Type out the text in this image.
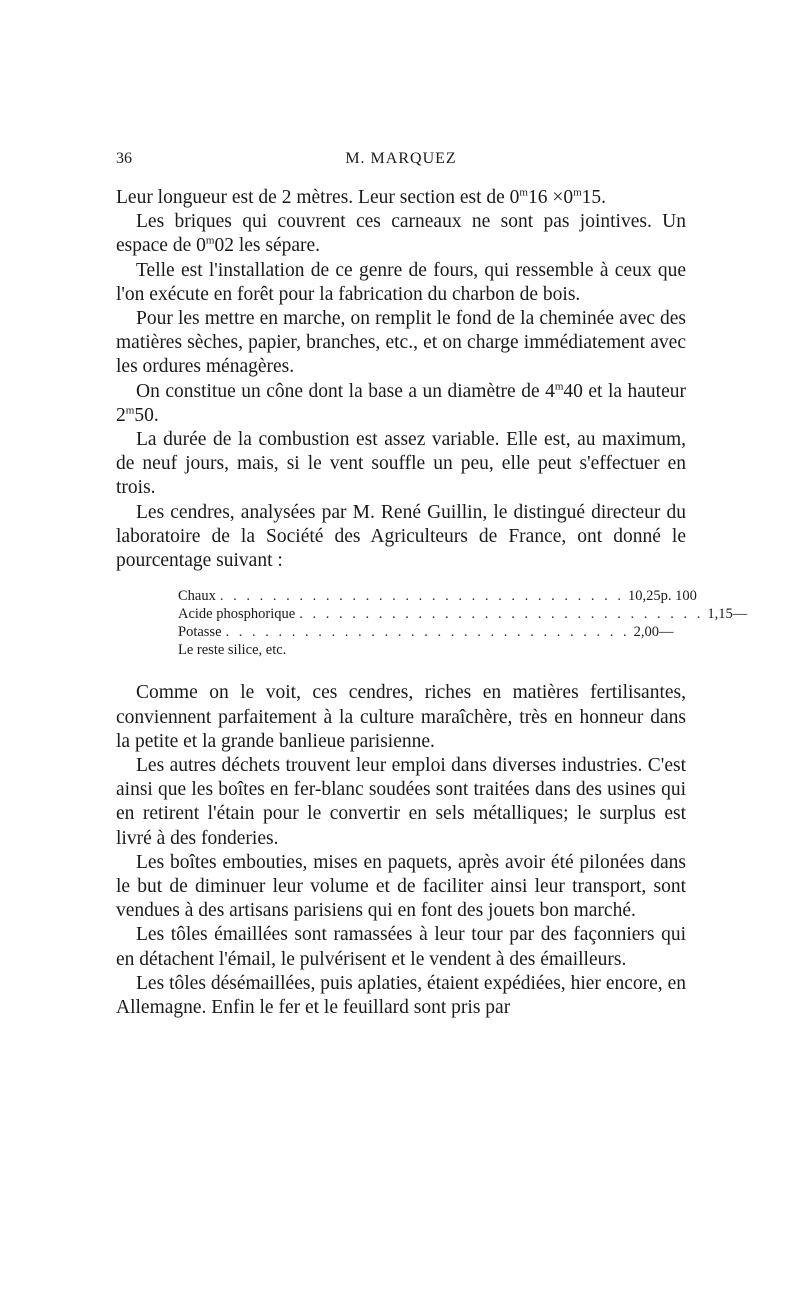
36	M. MARQUEZ

Leur longueur est de 2 mètres. Leur section est de $0^m16 \times 0^m15$.

Les briques qui couvrent ces carneaux ne sont pas jointives. Un espace de 0$^m$02 les sépare.

Telle est l'installation de ce genre de fours, qui ressemble à ceux que l'on exécute en forêt pour la fabrication du charbon de bois.

Pour les mettre en marche, on remplit le fond de la cheminée avec des matières sèches, papier, branches, etc., et on charge immédiatement avec les ordures ménagères.

On constitue un cône dont la base a un diamètre de 4$^m$40 et la hauteur 2$^m$50.

La durée de la combustion est assez variable. Elle est, au maximum, de neuf jours, mais, si le vent souffle un peu, elle peut s'effectuer en trois.

Les cendres, analysées par M. René Guillin, le distingué directeur du laboratoire de la Société des Agriculteurs de France, ont donné le pourcentage suivant :

Chaux . . . . . . . . . . . . . . . . . . . . . . . . . . . . . . . 10,25 p. 100
Acide phosphorique . . . . . . . . . . . . . . . . . . . . . . . . . . . . . . . 1,15 —
Potasse . . . . . . . . . . . . . . . . . . . . . . . . . . . . . . . 2,00 —
Le reste silice, etc.

Comme on le voit, ces cendres, riches en matières fertilisantes, conviennent parfaitement à la culture maraîchère, très en honneur dans la petite et la grande banlieue parisienne.

Les autres déchets trouvent leur emploi dans diverses industries. C'est ainsi que les boîtes en fer-blanc soudées sont traitées dans des usines qui en retirent l'étain pour le convertir en sels métalliques; le surplus est livré à des fonderies.

Les boîtes embouties, mises en paquets, après avoir été pilonées dans le but de diminuer leur volume et de faciliter ainsi leur transport, sont vendues à des artisans parisiens qui en font des jouets bon marché.

Les tôles émaillées sont ramassées à leur tour par des façonniers qui en détachent l'émail, le pulvérisent et le vendent à des émailleurs.

Les tôles désémaillées, puis aplaties, étaient expédiées, hier encore, en Allemagne. Enfin le fer et le feuillard sont pris par
